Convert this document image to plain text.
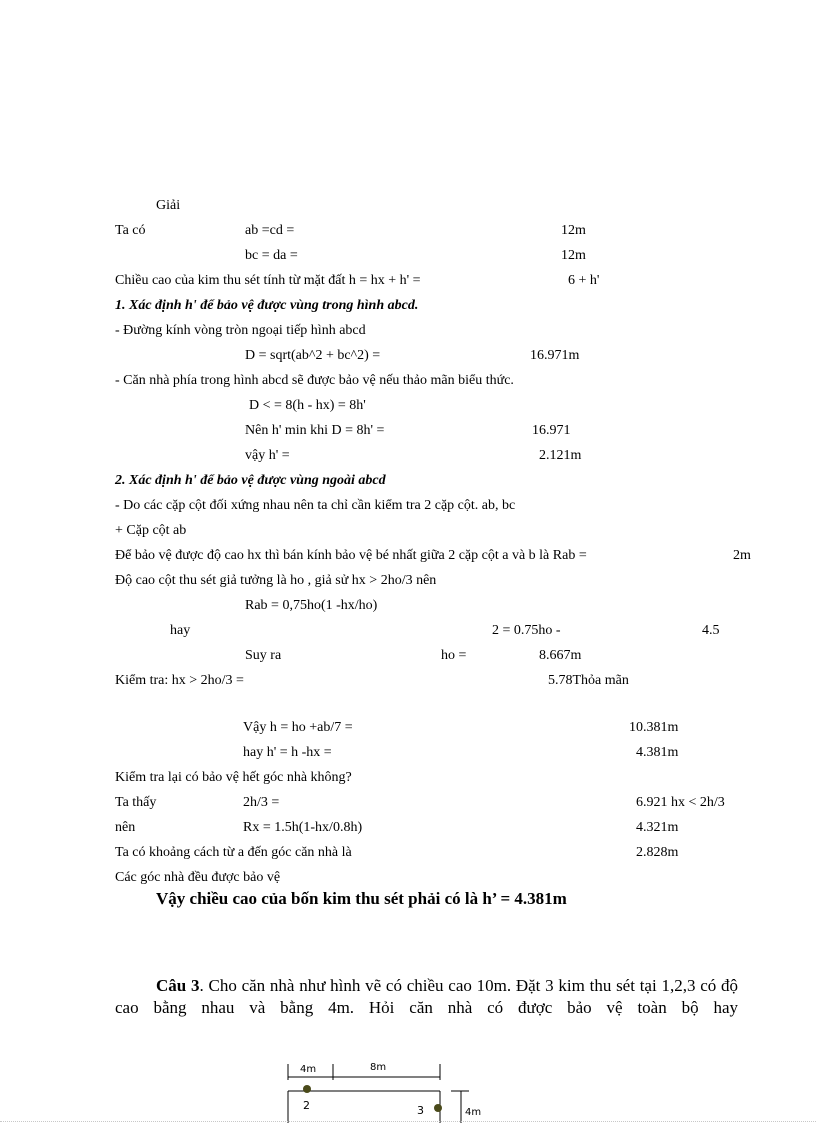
Giải
Ta có	ab =cd =	12m
bc = da =	12m
Chiều cao của kim thu sét tính từ mặt đất h = hx + h' =	6 + h'
1. Xác định h' để bảo vệ được vùng trong hình abcd.
- Đường kính vòng tròn ngoại tiếp hình abcd
D = sqrt(ab^2 + bc^2) =	16.971m
- Căn nhà phía trong hình abcd sẽ được bảo vệ nếu thảo mãn biểu thức.
D < = 8(h - hx) = 8h'
Nên h' min khi D = 8h' =	16.971
vậy h' =	2.121m
2. Xác định h' để bảo vệ được vùng ngoài abcd
- Do các cặp cột đối xứng nhau nên ta chỉ cần kiểm tra 2 cặp cột. ab, bc
+ Cặp cột ab
Để bảo vệ được độ cao hx thì bán kính bảo vệ bé nhất giữa 2 cặp cột a và b là Rab =	2m
Độ cao cột thu sét giả tưởng là ho , giả sử hx > 2ho/3 nên
Rab = 0,75ho(1 -hx/ho)
hay	2 = 0.75ho -	4.5
Suy ra	ho =	8.667m
Kiểm tra: hx > 2ho/3 =	5.78Thỏa mãn
Vậy h = ho +ab/7 =	10.381m
hay h' = h -hx =	4.381m
Kiểm tra lại có bảo vệ hết góc nhà không?
Ta thấy	2h/3 =	6.921 hx < 2h/3
nên	Rx = 1.5h(1-hx/0.8h)	4.321m
Ta có khoảng cách từ a đến góc căn nhà là	2.828m
Các góc nhà đều được bảo vệ
Vậy chiều cao của bốn kim thu sét phải có là h’ = 4.381m
Câu 3. Cho căn nhà như hình vẽ có chiều cao 10m. Đặt 3 kim thu sét tại 1,2,3 có độ cao bằng nhau và bằng 4m. Hỏi căn nhà có được bảo vệ toàn bộ hay
4m	8m
4m
2	3
